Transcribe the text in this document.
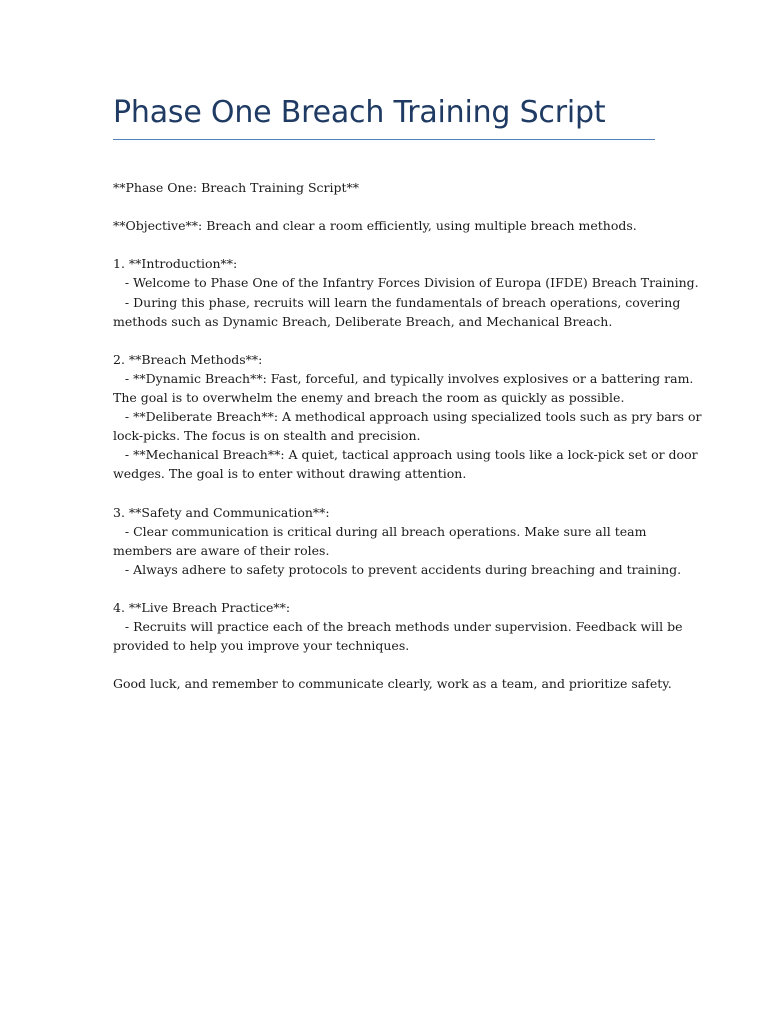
Phase One Breach Training Script
**Phase One: Breach Training Script**
**Objective**: Breach and clear a room efficiently, using multiple breach methods.
1. **Introduction**:
- Welcome to Phase One of the Infantry Forces Division of Europa (IFDE) Breach Training.
- During this phase, recruits will learn the fundamentals of breach operations, covering
methods such as Dynamic Breach, Deliberate Breach, and Mechanical Breach.
2. **Breach Methods**:
- **Dynamic Breach**: Fast, forceful, and typically involves explosives or a battering ram.
The goal is to overwhelm the enemy and breach the room as quickly as possible.
- **Deliberate Breach**: A methodical approach using specialized tools such as pry bars or
lock-picks. The focus is on stealth and precision.
- **Mechanical Breach**: A quiet, tactical approach using tools like a lock-pick set or door
wedges. The goal is to enter without drawing attention.
3. **Safety and Communication**:
- Clear communication is critical during all breach operations. Make sure all team
members are aware of their roles.
- Always adhere to safety protocols to prevent accidents during breaching and training.
4. **Live Breach Practice**:
- Recruits will practice each of the breach methods under supervision. Feedback will be
provided to help you improve your techniques.
Good luck, and remember to communicate clearly, work as a team, and prioritize safety.
